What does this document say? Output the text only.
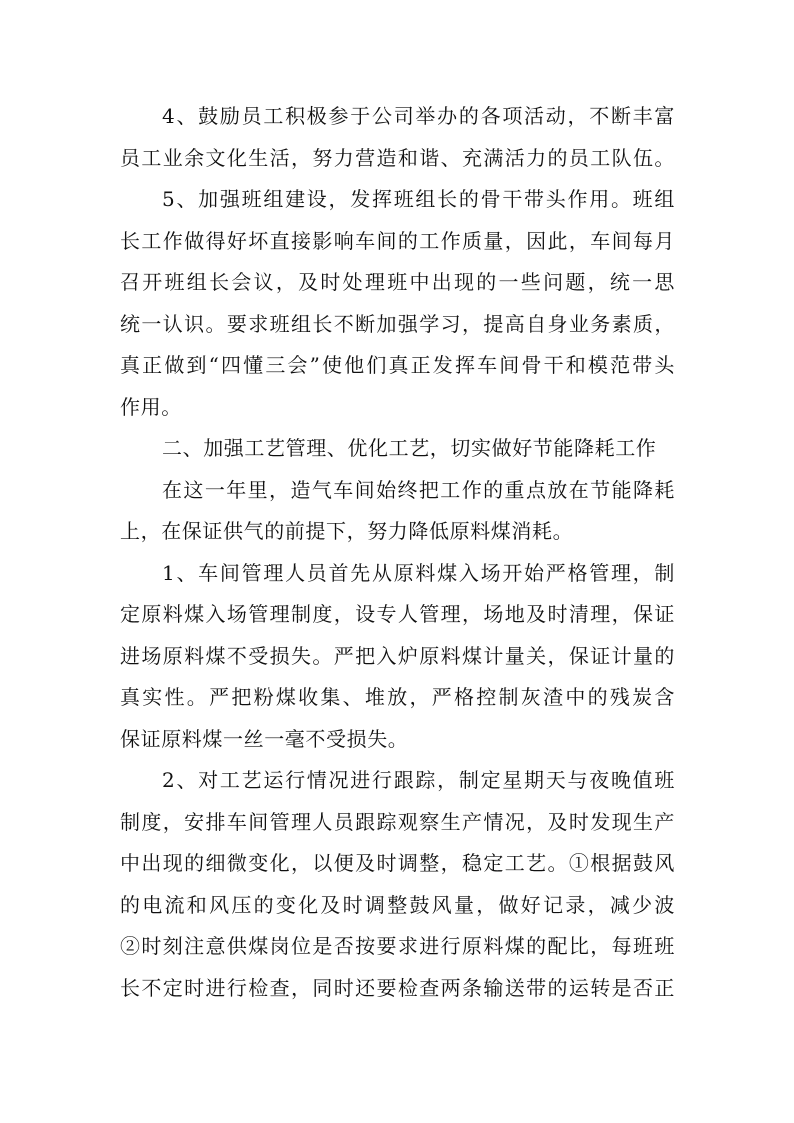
4、鼓励员工积极参于公司举办的各项活动，不断丰富
员工业余文化生活，努力营造和谐、充满活力的员工队伍。
5、加强班组建设，发挥班组长的骨干带头作用。班组
长工作做得好坏直接影响车间的工作质量，因此，车间每月
召开班组长会议，及时处理班中出现的一些问题，统一思
统一认识。要求班组长不断加强学习，提高自身业务素质，
真正做到“四懂三会”使他们真正发挥车间骨干和模范带头
作用。
二、加强工艺管理、优化工艺，切实做好节能降耗工作
在这一年里，造气车间始终把工作的重点放在节能降耗
上，在保证供气的前提下，努力降低原料煤消耗。
1、车间管理人员首先从原料煤入场开始严格管理，制
定原料煤入场管理制度，设专人管理，场地及时清理，保证
进场原料煤不受损失。严把入炉原料煤计量关，保证计量的
真实性。严把粉煤收集、堆放，严格控制灰渣中的残炭含
保证原料煤一丝一毫不受损失。
2、对工艺运行情况进行跟踪，制定星期天与夜晚值班
制度，安排车间管理人员跟踪观察生产情况，及时发现生产
中出现的细微变化，以便及时调整，稳定工艺。①根据鼓风
的电流和风压的变化及时调整鼓风量，做好记录，减少波
②时刻注意供煤岗位是否按要求进行原料煤的配比，每班班
长不定时进行检查，同时还要检查两条输送带的运转是否正
